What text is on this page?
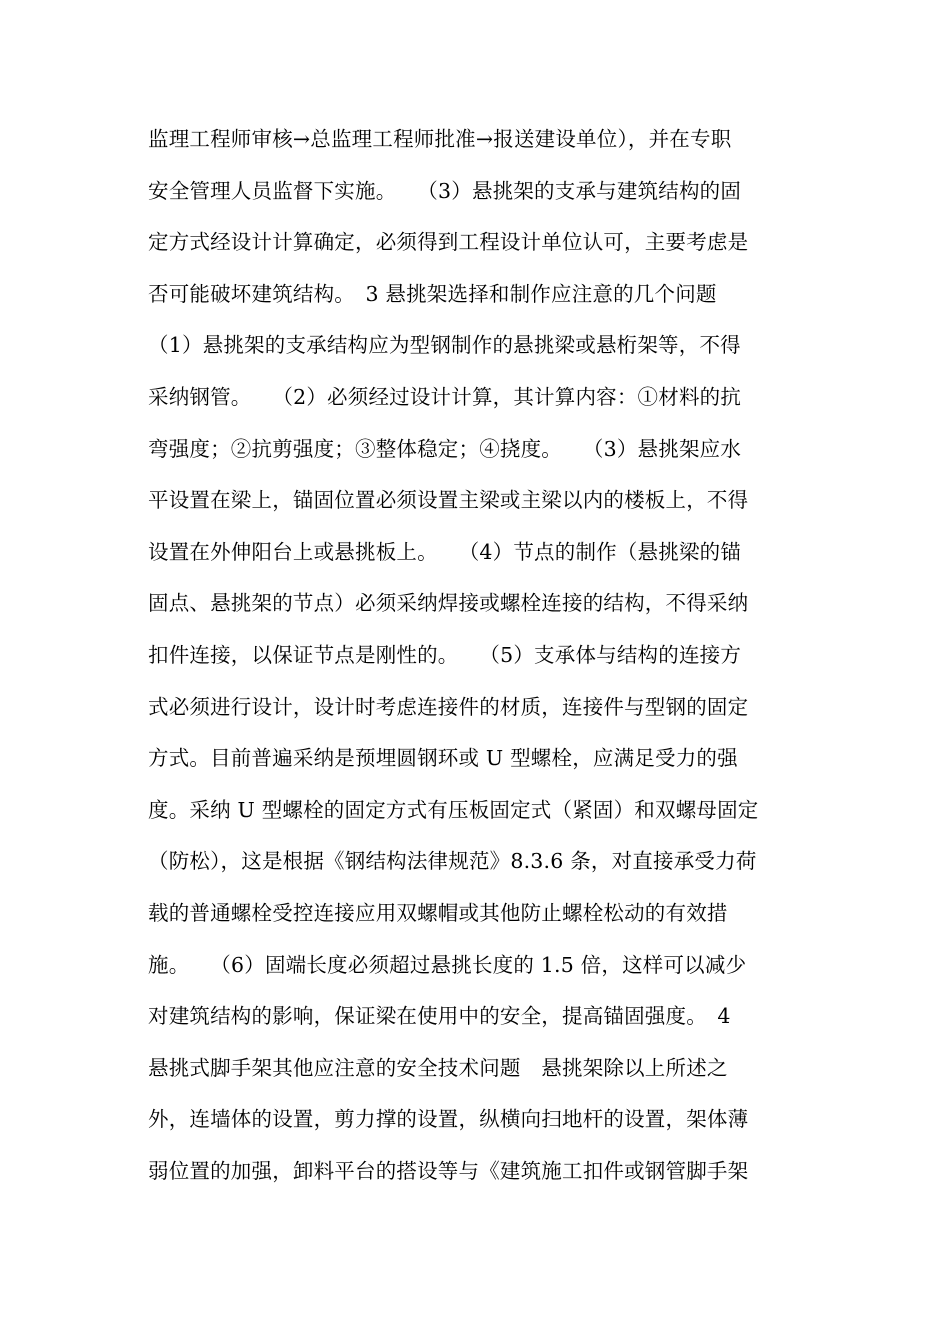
监理工程师审核→总监理工程师批准→报送建设单位），并在专职
安全管理人员监督下实施。　　（3）悬挑架的支承与建筑结构的固
定方式经设计计算确定，必须得到工程设计单位认可，主要考虑是
否可能破坏建筑结构。　3 悬挑架选择和制作应注意的几个问题
（1）悬挑架的支承结构应为型钢制作的悬挑梁或悬桁架等，不得
采纳钢管。　　（2）必须经过设计计算，其计算内容：①材料的抗
弯强度；②抗剪强度；③整体稳定；④挠度。　　（3）悬挑架应水
平设置在梁上，锚固位置必须设置主梁或主梁以内的楼板上，不得
设置在外伸阳台上或悬挑板上。　　（4）节点的制作（悬挑梁的锚
固点、悬挑架的节点）必须采纳焊接或螺栓连接的结构，不得采纳
扣件连接，以保证节点是刚性的。　　（5）支承体与结构的连接方
式必须进行设计，设计时考虑连接件的材质，连接件与型钢的固定
方式。目前普遍采纳是预埋圆钢环或 U 型螺栓，应满足受力的强
度。采纳 U 型螺栓的固定方式有压板固定式（紧固）和双螺母固定
（防松），这是根据《钢结构法律规范》8.3.6 条，对直接承受力荷
载的普通螺栓受控连接应用双螺帽或其他防止螺栓松动的有效措
施。　　（6）固端长度必须超过悬挑长度的 1.5 倍，这样可以减少
对建筑结构的影响，保证梁在使用中的安全，提高锚固强度。　4
悬挑式脚手架其他应注意的安全技术问题　悬挑架除以上所述之
外，连墙体的设置，剪力撑的设置，纵横向扫地杆的设置，架体薄
弱位置的加强，卸料平台的搭设等与《建筑施工扣件或钢管脚手架
